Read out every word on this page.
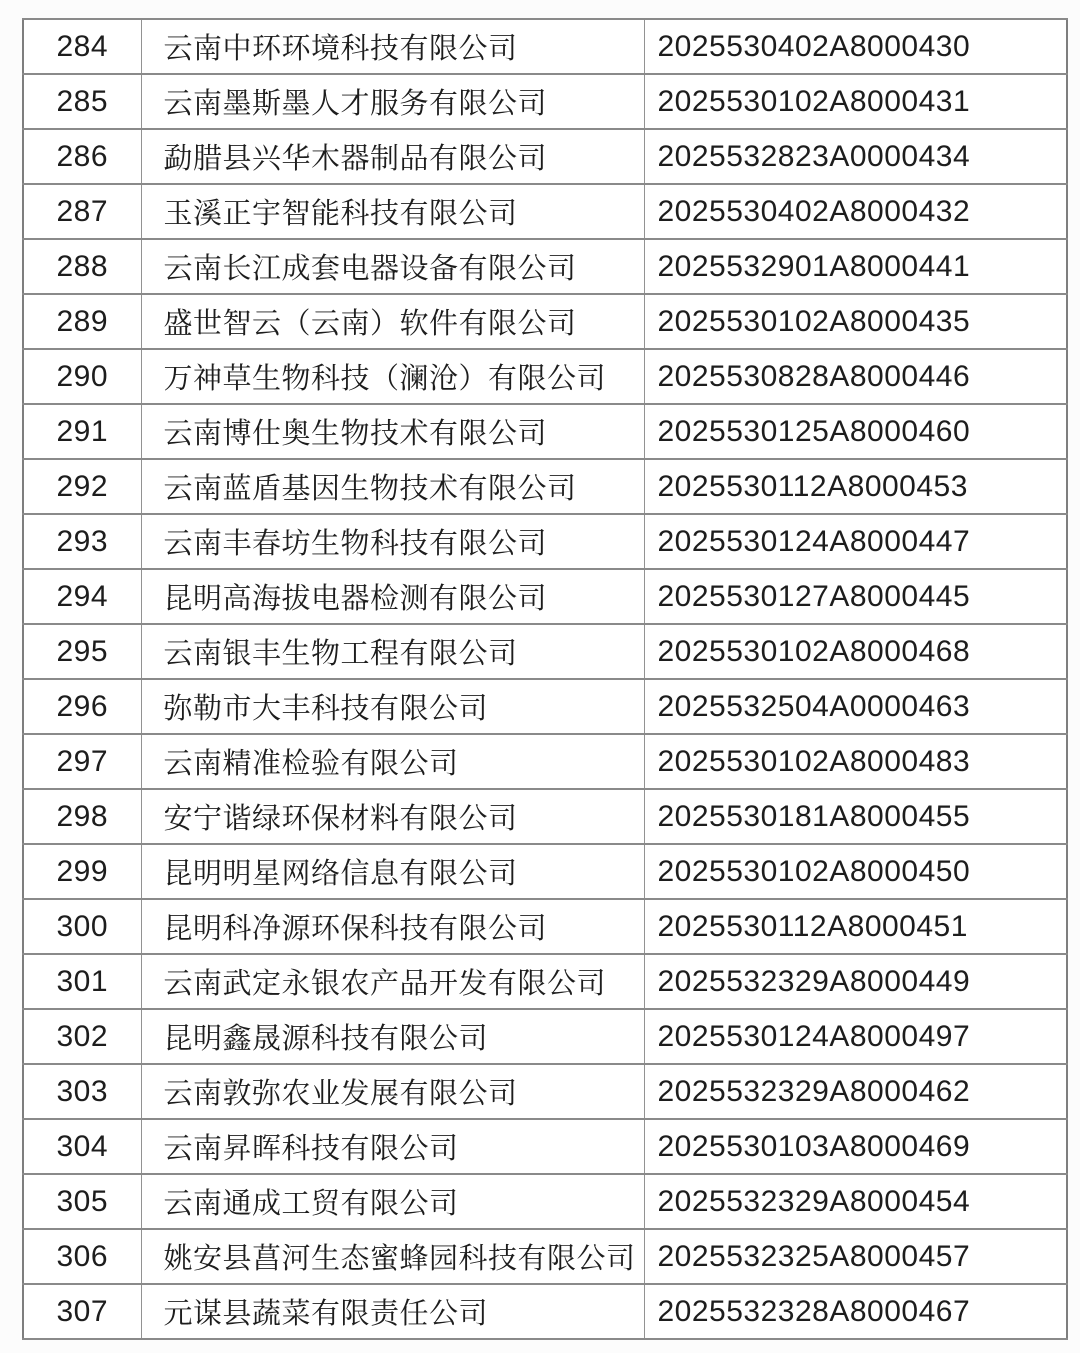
284	云南中环环境科技有限公司	2025530402A8000430
285	云南墨斯墨人才服务有限公司	2025530102A8000431
286	勐腊县兴华木器制品有限公司	2025532823A0000434
287	玉溪正宇智能科技有限公司	2025530402A8000432
288	云南长江成套电器设备有限公司	2025532901A8000441
289	盛世智云（云南）软件有限公司	2025530102A8000435
290	万神草生物科技（澜沧）有限公司	2025530828A8000446
291	云南博仕奥生物技术有限公司	2025530125A8000460
292	云南蓝盾基因生物技术有限公司	2025530112A8000453
293	云南丰春坊生物科技有限公司	2025530124A8000447
294	昆明高海拔电器检测有限公司	2025530127A8000445
295	云南银丰生物工程有限公司	2025530102A8000468
296	弥勒市大丰科技有限公司	2025532504A0000463
297	云南精准检验有限公司	2025530102A8000483
298	安宁谐绿环保材料有限公司	2025530181A8000455
299	昆明明星网络信息有限公司	2025530102A8000450
300	昆明科净源环保科技有限公司	2025530112A8000451
301	云南武定永银农产品开发有限公司	2025532329A8000449
302	昆明鑫晟源科技有限公司	2025530124A8000497
303	云南敦弥农业发展有限公司	2025532329A8000462
304	云南昇晖科技有限公司	2025530103A8000469
305	云南通成工贸有限公司	2025532329A8000454
306	姚安县菖河生态蜜蜂园科技有限公司	2025532325A8000457
307	元谋县蔬菜有限责任公司	2025532328A8000467
